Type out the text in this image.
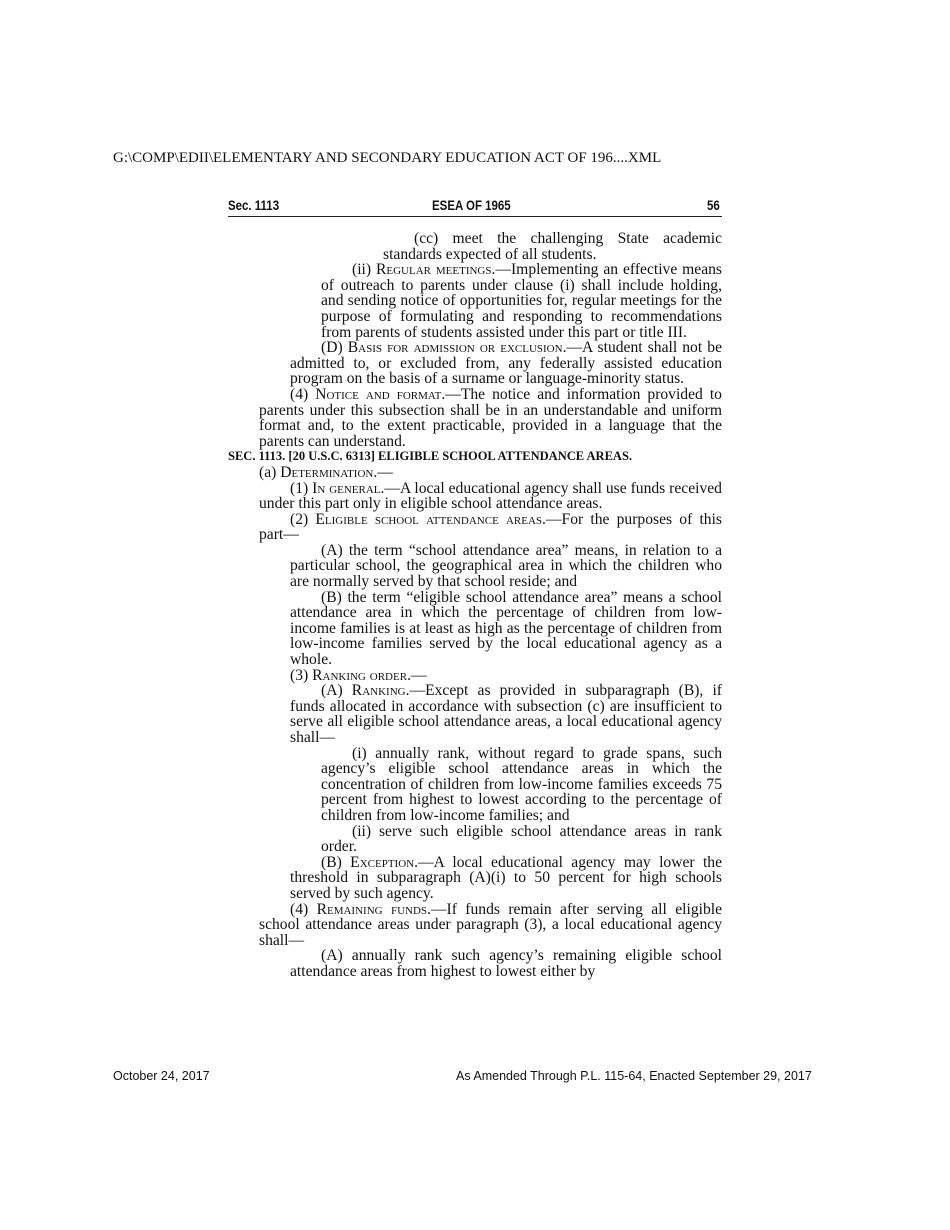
G:\COMP\EDII\ELEMENTARY AND SECONDARY EDUCATION ACT OF 196....XML
Sec. 1113	ESEA OF 1965	56

(cc) meet the challenging State academic standards expected of all students.

(ii) Regular meetings.—Implementing an effective means of outreach to parents under clause (i) shall include holding, and sending notice of opportunities for, regular meetings for the purpose of formulating and responding to recommendations from parents of students assisted under this part or title III.

(D) Basis for admission or exclusion.—A student shall not be admitted to, or excluded from, any federally assisted education program on the basis of a surname or language-minority status.

(4) Notice and format.—The notice and information provided to parents under this subsection shall be in an understandable and uniform format and, to the extent practicable, provided in a language that the parents can understand.

SEC. 1113. [20 U.S.C. 6313] ELIGIBLE SCHOOL ATTENDANCE AREAS.

(a) Determination.—

(1) In general.—A local educational agency shall use funds received under this part only in eligible school attendance areas.

(2) Eligible school attendance areas.—For the purposes of this part—

(A) the term “school attendance area” means, in relation to a particular school, the geographical area in which the children who are normally served by that school reside; and

(B) the term “eligible school attendance area” means a school attendance area in which the percentage of children from low-income families is at least as high as the percentage of children from low-income families served by the local educational agency as a whole.

(3) Ranking order.—

(A) Ranking.—Except as provided in subparagraph (B), if funds allocated in accordance with subsection (c) are insufficient to serve all eligible school attendance areas, a local educational agency shall—

(i) annually rank, without regard to grade spans, such agency’s eligible school attendance areas in which the concentration of children from low-income families exceeds 75 percent from highest to lowest according to the percentage of children from low-income families; and

(ii) serve such eligible school attendance areas in rank order.

(B) Exception.—A local educational agency may lower the threshold in subparagraph (A)(i) to 50 percent for high schools served by such agency.

(4) Remaining funds.—If funds remain after serving all eligible school attendance areas under paragraph (3), a local educational agency shall—

(A) annually rank such agency’s remaining eligible school attendance areas from highest to lowest either by

October 24, 2017	As Amended Through P.L. 115-64, Enacted September 29, 2017
